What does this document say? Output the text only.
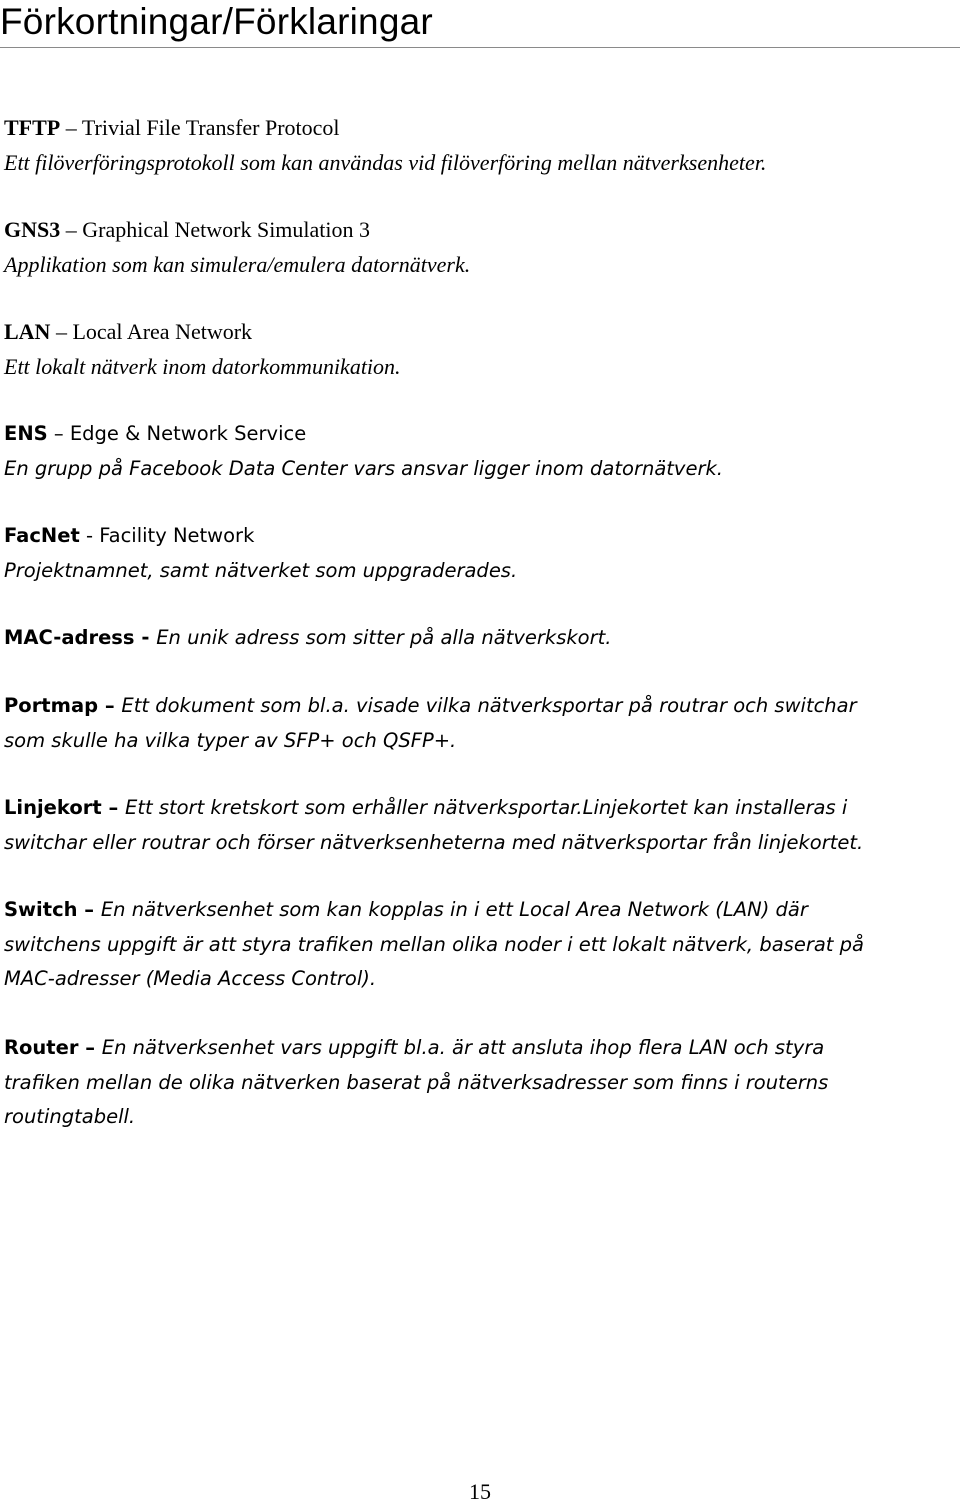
Förkortningar/Förklaringar
TFTP – Trivial File Transfer Protocol
Ett filöverföringsprotokoll som kan användas vid filöverföring mellan nätverksenheter.
GNS3 – Graphical Network Simulation 3
Applikation som kan simulera/emulera datornätverk.
LAN – Local Area Network
Ett lokalt nätverk inom datorkommunikation.
ENS – Edge & Network Service
En grupp på Facebook Data Center vars ansvar ligger inom datornätverk.
FacNet - Facility Network
Projektnamnet, samt nätverket som uppgraderades.
MAC-adress - En unik adress som sitter på alla nätverkskort.
Portmap – Ett dokument som bl.a. visade vilka nätverksportar på routrar och switchar
som skulle ha vilka typer av SFP+ och QSFP+.
Linjekort – Ett stort kretskort som erhåller nätverksportar.Linjekortet kan installeras i
switchar eller routrar och förser nätverksenheterna med nätverksportar från linjekortet.
Switch – En nätverksenhet som kan kopplas in i ett Local Area Network (LAN) där
switchens uppgift är att styra trafiken mellan olika noder i ett lokalt nätverk, baserat på
MAC-adresser (Media Access Control).
Router – En nätverksenhet vars uppgift bl.a. är att ansluta ihop flera LAN och styra
trafiken mellan de olika nätverken baserat på nätverksadresser som finns i routerns
routingtabell.
15
